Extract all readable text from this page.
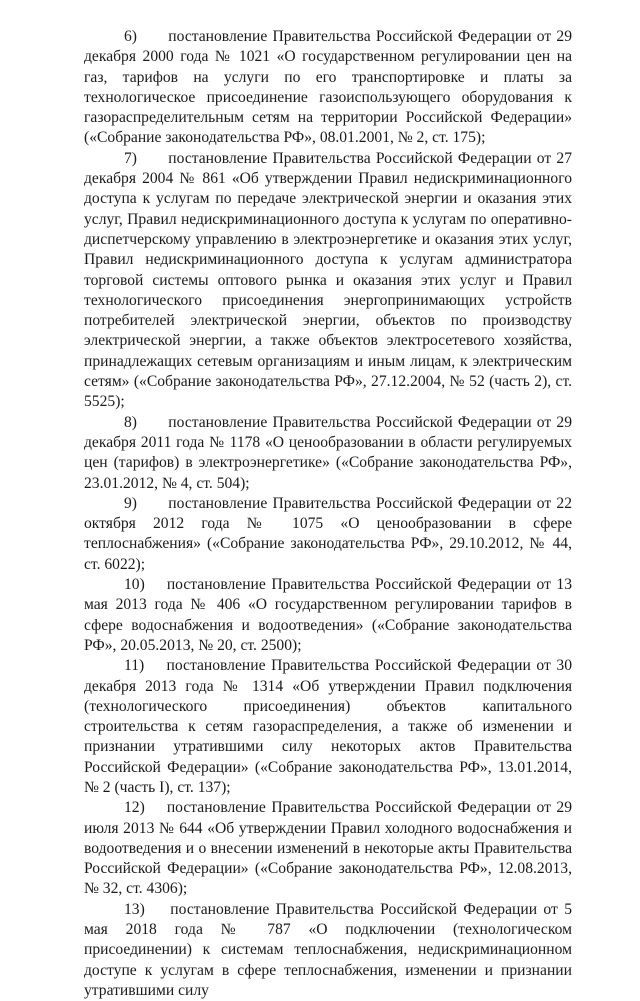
6)      постановление Правительства Российской Федерации от 29 декабря 2000 года № 1021 «О государственном регулировании цен на газ, тарифов на услуги по его транспортировке и платы за технологическое присоединение газоиспользующего оборудования к газораспределительным сетям на территории Российской Федерации» («Собрание законодательства РФ», 08.01.2001, № 2, ст. 175);

7)      постановление Правительства Российской Федерации от 27 декабря 2004 № 861 «Об утверждении Правил недискриминационного доступа к услугам по передаче электрической энергии и оказания этих услуг, Правил недискриминационного доступа к услугам по оперативно-диспетчерскому управлению в электроэнергетике и оказания этих услуг, Правил недискриминационного доступа к услугам администратора торговой системы оптового рынка и оказания этих услуг и Правил технологического присоединения энергопринимающих устройств потребителей электрической энергии, объектов по производству электрической энергии, а также объектов электросетевого хозяйства, принадлежащих сетевым организациям и иным лицам, к электрическим сетям» («Собрание законодательства РФ», 27.12.2004, № 52 (часть 2), ст. 5525);

8)      постановление Правительства Российской Федерации от 29 декабря 2011 года № 1178 «О ценообразовании в области регулируемых цен (тарифов) в электроэнергетике» («Собрание законодательства РФ», 23.01.2012, № 4, ст. 504);

9)      постановление Правительства Российской Федерации от 22 октября 2012 года № 1075 «О ценообразовании в сфере теплоснабжения» («Собрание законодательства РФ», 29.10.2012, № 44, ст. 6022);

10)    постановление Правительства Российской Федерации от 13 мая 2013 года № 406 «О государственном регулировании тарифов в сфере водоснабжения и водоотведения» («Собрание законодательства РФ», 20.05.2013, № 20, ст. 2500);

11)    постановление Правительства Российской Федерации от 30 декабря 2013 года № 1314 «Об утверждении Правил подключения (технологического присоединения) объектов капитального строительства к сетям газораспределения, а также об изменении и признании утратившими силу некоторых актов Правительства Российской Федерации» («Собрание законодательства РФ», 13.01.2014, № 2 (часть I), ст. 137);

12)    постановление Правительства Российской Федерации от 29 июля 2013 № 644 «Об утверждении Правил холодного водоснабжения и водоотведения и о внесении изменений в некоторые акты Правительства Российской Федерации» («Собрание законодательства РФ», 12.08.2013, № 32, ст. 4306);

13)    постановление Правительства Российской Федерации от 5 мая 2018 года № 787 «О подключении (технологическом присоединении) к системам теплоснабжения, недискриминационном доступе к услугам в сфере теплоснабжения, изменении и признании утратившими силу
